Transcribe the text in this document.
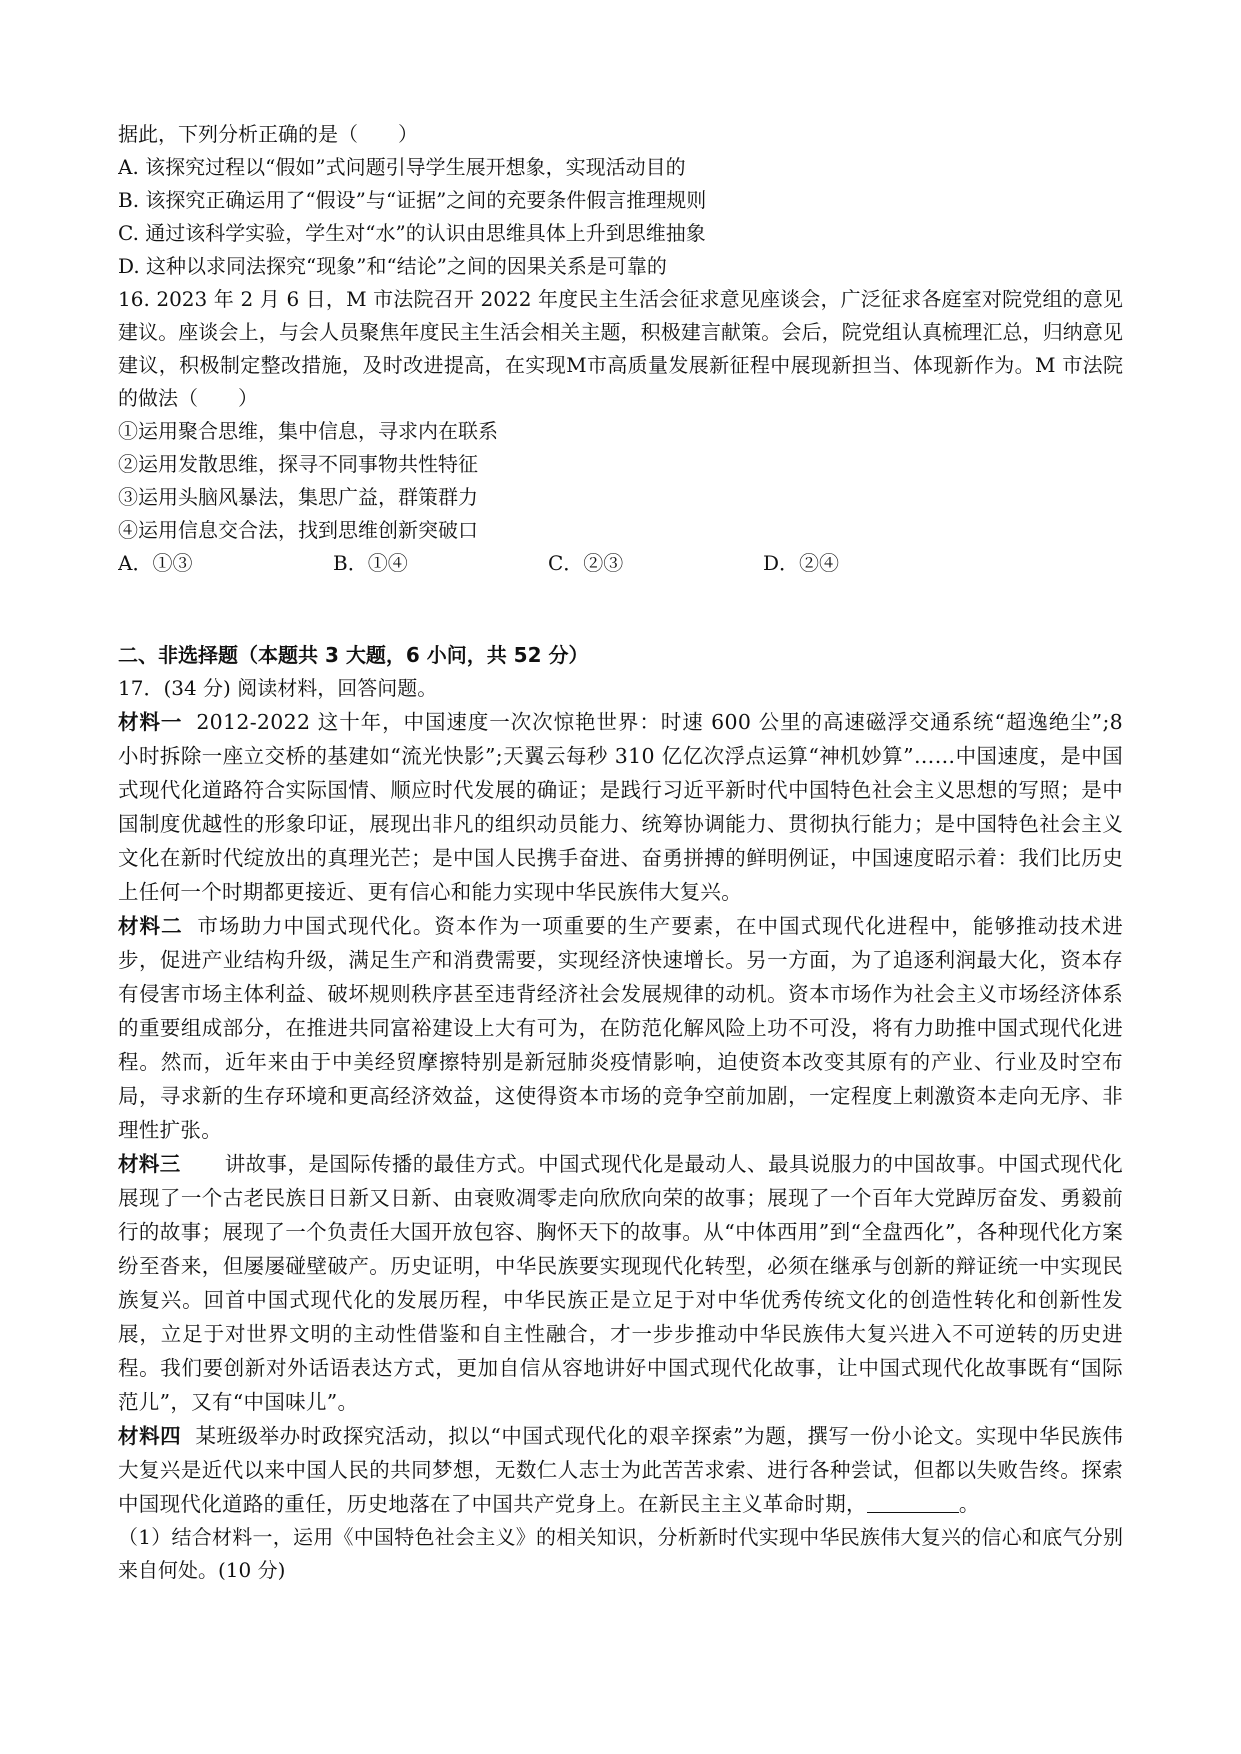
据此，下列分析正确的是（　　）
A. 该探究过程以“假如”式问题引导学生展开想象，实现活动目的
B. 该探究正确运用了“假设”与“证据”之间的充要条件假言推理规则
C. 通过该科学实验，学生对“水”的认识由思维具体上升到思维抽象
D. 这种以求同法探究“现象”和“结论”之间的因果关系是可靠的
16. 2023 年 2 月 6 日，M 市法院召开 2022 年度民主生活会征求意见座谈会，广泛征求各庭室对院党组的意见建议。座谈会上，与会人员聚焦年度民主生活会相关主题，积极建言献策。会后，院党组认真梳理汇总，归纳意见建议，积极制定整改措施，及时改进提高，在实现M市高质量发展新征程中展现新担当、体现新作为。M 市法院的做法（　　）
①运用聚合思维，集中信息，寻求内在联系
②运用发散思维，探寻不同事物共性特征
③运用头脑风暴法，集思广益，群策群力
④运用信息交合法，找到思维创新突破口
A．①③	B．①④	C．②③	D．②④
二、非选择题（本题共 3 大题，6 小问，共 52 分）
17．(34 分) 阅读材料，回答问题。
材料一 2012-2022 这十年，中国速度一次次惊艳世界：时速 600 公里的高速磁浮交通系统“超逸绝尘”;8 小时拆除一座立交桥的基建如“流光快影”;天翼云每秒 310 亿亿次浮点运算“神机妙算”……中国速度，是中国式现代化道路符合实际国情、顺应时代发展的确证；是践行习近平新时代中国特色社会主义思想的写照；是中国制度优越性的形象印证，展现出非凡的组织动员能力、统筹协调能力、贯彻执行能力；是中国特色社会主义文化在新时代绽放出的真理光芒；是中国人民携手奋进、奋勇拼搏的鲜明例证，中国速度昭示着：我们比历史上任何一个时期都更接近、更有信心和能力实现中华民族伟大复兴。
材料二 市场助力中国式现代化。资本作为一项重要的生产要素，在中国式现代化进程中，能够推动技术进步，促进产业结构升级，满足生产和消费需要，实现经济快速增长。另一方面，为了追逐利润最大化，资本存有侵害市场主体利益、破坏规则秩序甚至违背经济社会发展规律的动机。资本市场作为社会主义市场经济体系的重要组成部分，在推进共同富裕建设上大有可为，在防范化解风险上功不可没，将有力助推中国式现代化进程。然而，近年来由于中美经贸摩擦特别是新冠肺炎疫情影响，迫使资本改变其原有的产业、行业及时空布局，寻求新的生存环境和更高经济效益，这使得资本市场的竞争空前加剧，一定程度上刺激资本走向无序、非理性扩张。
材料三 讲故事，是国际传播的最佳方式。中国式现代化是最动人、最具说服力的中国故事。中国式现代化展现了一个古老民族日日新又日新、由衰败凋零走向欣欣向荣的故事；展现了一个百年大党踔厉奋发、勇毅前行的故事；展现了一个负责任大国开放包容、胸怀天下的故事。从“中体西用”到“全盘西化”，各种现代化方案纷至沓来，但屡屡碰壁破产。历史证明，中华民族要实现现代化转型，必须在继承与创新的辩证统一中实现民族复兴。回首中国式现代化的发展历程，中华民族正是立足于对中华优秀传统文化的创造性转化和创新性发展，立足于对世界文明的主动性借鉴和自主性融合，才一步步推动中华民族伟大复兴进入不可逆转的历史进程。我们要创新对外话语表达方式，更加自信从容地讲好中国式现代化故事，让中国式现代化故事既有“国际范儿”，又有“中国味儿”。
材料四 某班级举办时政探究活动，拟以“中国式现代化的艰辛探索”为题，撰写一份小论文。实现中华民族伟大复兴是近代以来中国人民的共同梦想，无数仁人志士为此苦苦求索、进行各种尝试，但都以失败告终。探索中国现代化道路的重任，历史地落在了中国共产党身上。在新民主主义革命时期，	。
（1）结合材料一，运用《中国特色社会主义》的相关知识，分析新时代实现中华民族伟大复兴的信心和底气分别来自何处。(10 分)
